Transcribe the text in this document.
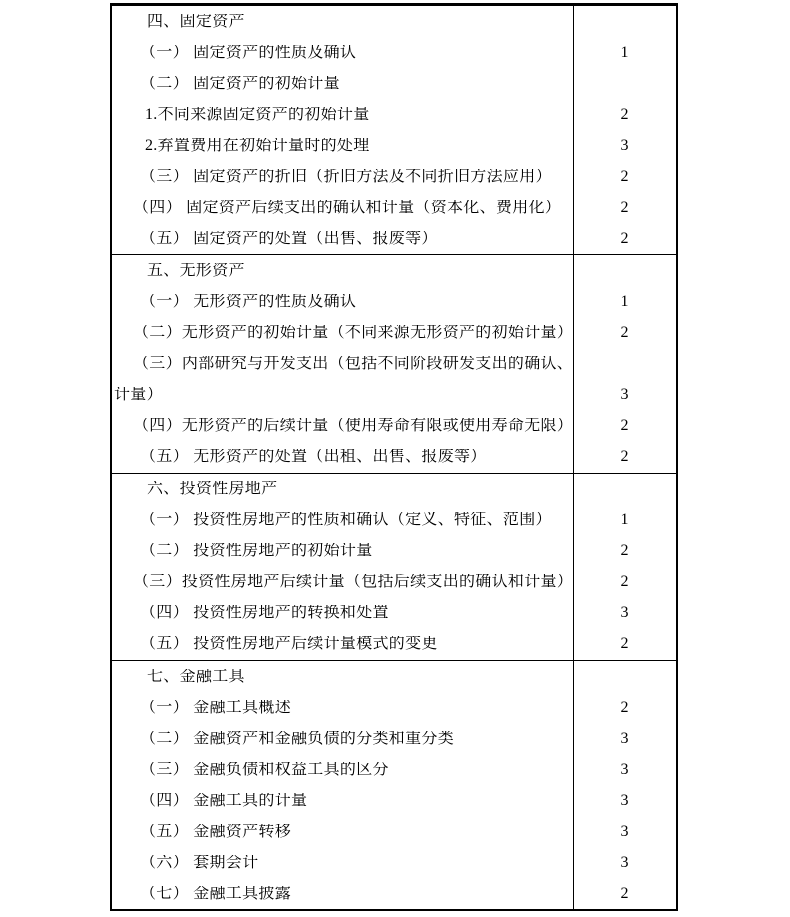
四、固定资产
（一） 固定资产的性质及确认	1
（二） 固定资产的初始计量
1.不同来源固定资产的初始计量	2
2.弃置费用在初始计量时的处理	3
（三） 固定资产的折旧（折旧方法及不同折旧方法应用）	2
（四） 固定资产后续支出的确认和计量（资本化、费用化）	2
（五） 固定资产的处置（出售、报废等）	2
五、无形资产
（一） 无形资产的性质及确认	1
（二）无形资产的初始计量（不同来源无形资产的初始计量）	2
（三）内部研究与开发支出（包括不同阶段研发支出的确认、
计量）	3
（四）无形资产的后续计量（使用寿命有限或使用寿命无限）	2
（五） 无形资产的处置（出租、出售、报废等）	2
六、投资性房地产
（一） 投资性房地产的性质和确认（定义、特征、范围）	1
（二） 投资性房地产的初始计量	2
（三）投资性房地产后续计量（包括后续支出的确认和计量）	2
（四） 投资性房地产的转换和处置	3
（五） 投资性房地产后续计量模式的变更	2
七、金融工具
（一） 金融工具概述	2
（二） 金融资产和金融负债的分类和重分类	3
（三） 金融负债和权益工具的区分	3
（四） 金融工具的计量	3
（五） 金融资产转移	3
（六） 套期会计	3
（七） 金融工具披露	2
